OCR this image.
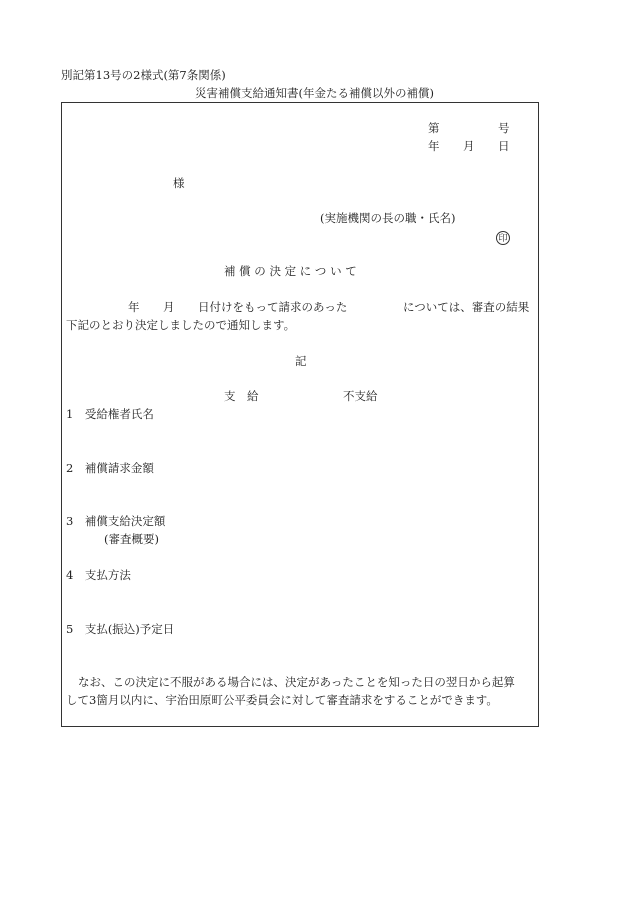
別記第13号の2様式(第7条関係)
災害補償支給通知書(年金たる補償以外の補償)
第	号
年 月 日
様
(実施機関の長の職・氏名)
印
補 償 の 決 定 に つ い て
年 月 日付けをもって請求のあった	については、審査の結果
下記のとおり決定しましたので通知します。
記
支　給	不支給
1　受給権者氏名
2　補償請求金額
3　補償支給決定額
(審査概要)
4　支払方法
5　支払(振込)予定日
なお、この決定に不服がある場合には、決定があったことを知った日の翌日から起算
して3箇月以内に、宇治田原町公平委員会に対して審査請求をすることができます。
